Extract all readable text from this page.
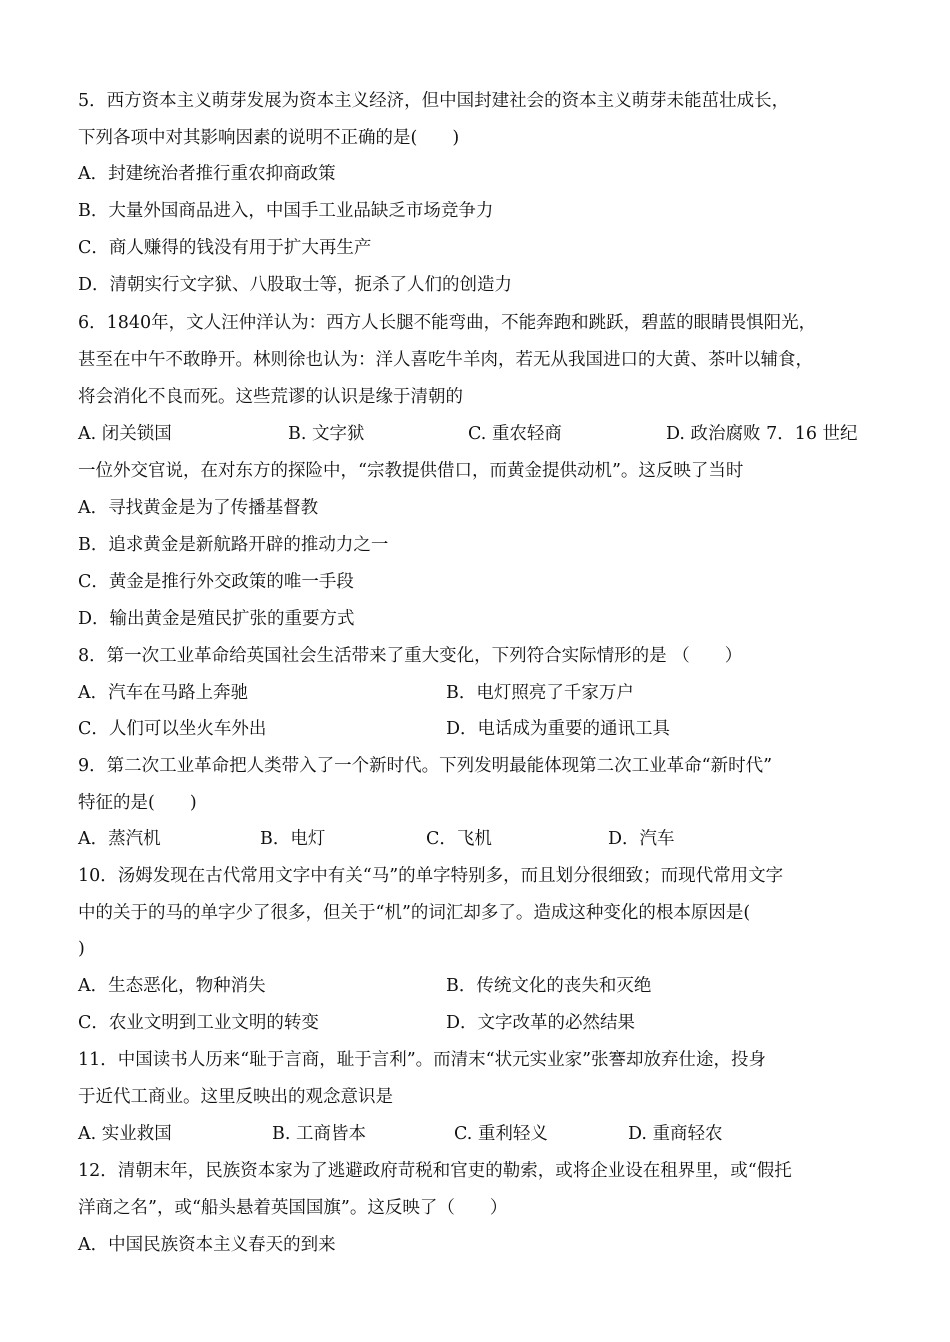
5．西方资本主义萌芽发展为资本主义经济，但中国封建社会的资本主义萌芽未能茁壮成长，
下列各项中对其影响因素的说明不正确的是(　　)
A．封建统治者推行重农抑商政策
B．大量外国商品进入，中国手工业品缺乏市场竞争力
C．商人赚得的钱没有用于扩大再生产
D．清朝实行文字狱、八股取士等，扼杀了人们的创造力
6．1840年，文人汪仲洋认为：西方人长腿不能弯曲，不能奔跑和跳跃，碧蓝的眼睛畏惧阳光，
甚至在中午不敢睁开。林则徐也认为：洋人喜吃牛羊肉，若无从我国进口的大黄、茶叶以辅食，
将会消化不良而死。这些荒谬的认识是缘于清朝的
A. 闭关锁国	B. 文字狱	C. 重农轻商	D. 政治腐败 7．16 世纪
一位外交官说，在对东方的探险中，“宗教提供借口，而黄金提供动机”。这反映了当时
A．寻找黄金是为了传播基督教
B．追求黄金是新航路开辟的推动力之一
C．黄金是推行外交政策的唯一手段
D．输出黄金是殖民扩张的重要方式
8．第一次工业革命给英国社会生活带来了重大变化，下列符合实际情形的是 （　　）
A．汽车在马路上奔驰	B．电灯照亮了千家万户
C．人们可以坐火车外出	D．电话成为重要的通讯工具
9．第二次工业革命把人类带入了一个新时代。下列发明最能体现第二次工业革命“新时代”
特征的是(　　)
A．蒸汽机	B．电灯	C．飞机	D．汽车
10．汤姆发现在古代常用文字中有关“马”的单字特别多，而且划分很细致；而现代常用文字
中的关于的马的单字少了很多，但关于“机”的词汇却多了。造成这种变化的根本原因是(
)
A．生态恶化，物种消失	B．传统文化的丧失和灭绝
C．农业文明到工业文明的转变	D．文字改革的必然结果
11．中国读书人历来“耻于言商，耻于言利”。而清末“状元实业家”张謇却放弃仕途，投身
于近代工商业。这里反映出的观念意识是
A. 实业救国	B. 工商皆本	C. 重利轻义	D. 重商轻农
12．清朝末年，民族资本家为了逃避政府苛税和官吏的勒索，或将企业设在租界里，或“假托
洋商之名”，或“船头悬着英国国旗”。这反映了（　　）
A．中国民族资本主义春天的到来
